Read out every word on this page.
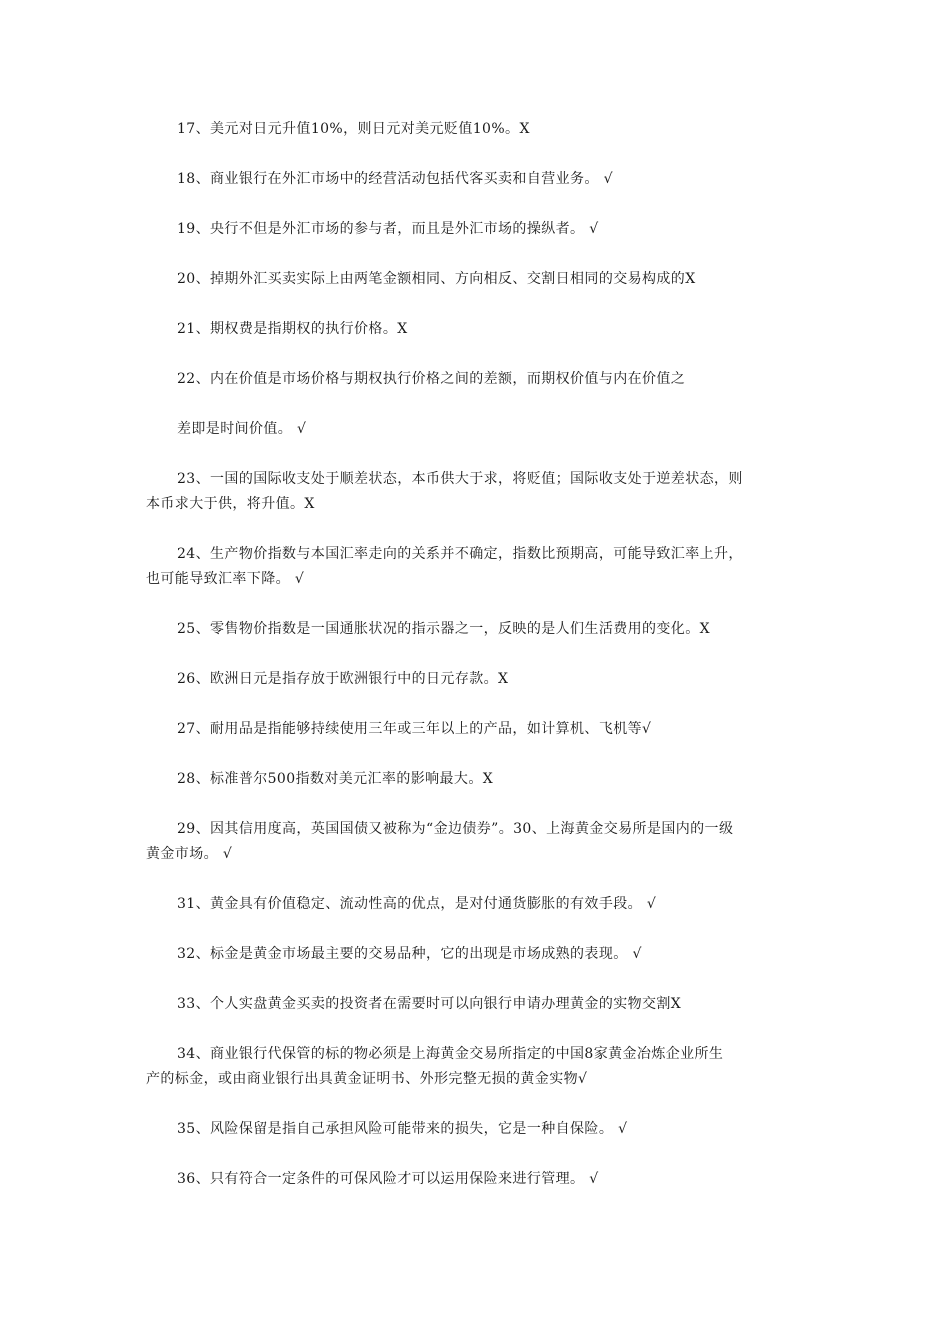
17、美元对日元升值10%，则日元对美元贬值10%。X
18、商业银行在外汇市场中的经营活动包括代客买卖和自营业务。 √
19、央行不但是外汇市场的参与者，而且是外汇市场的操纵者。 √
20、掉期外汇买卖实际上由两笔金额相同、方向相反、交割日相同的交易构成的X
21、期权费是指期权的执行价格。X
22、内在价值是市场价格与期权执行价格之间的差额，而期权价值与内在价值之
差即是时间价值。 √
23、一国的国际收支处于顺差状态，本币供大于求，将贬值；国际收支处于逆差状态，则
本币求大于供，将升值。X
24、生产物价指数与本国汇率走向的关系并不确定，指数比预期高，可能导致汇率上升，
也可能导致汇率下降。 √
25、零售物价指数是一国通胀状况的指示器之一，反映的是人们生活费用的变化。X
26、欧洲日元是指存放于欧洲银行中的日元存款。X
27、耐用品是指能够持续使用三年或三年以上的产品，如计算机、飞机等√
28、标准普尔500指数对美元汇率的影响最大。X
29、因其信用度高，英国国债又被称为“金边债券”。30、上海黄金交易所是国内的一级
黄金市场。 √
31、黄金具有价值稳定、流动性高的优点，是对付通货膨胀的有效手段。 √
32、标金是黄金市场最主要的交易品种，它的出现是市场成熟的表现。 √
33、个人实盘黄金买卖的投资者在需要时可以向银行申请办理黄金的实物交割X
34、商业银行代保管的标的物必须是上海黄金交易所指定的中国8家黄金冶炼企业所生
产的标金，或由商业银行出具黄金证明书、外形完整无损的黄金实物√
35、风险保留是指自己承担风险可能带来的损失，它是一种自保险。 √
36、只有符合一定条件的可保风险才可以运用保险来进行管理。 √
